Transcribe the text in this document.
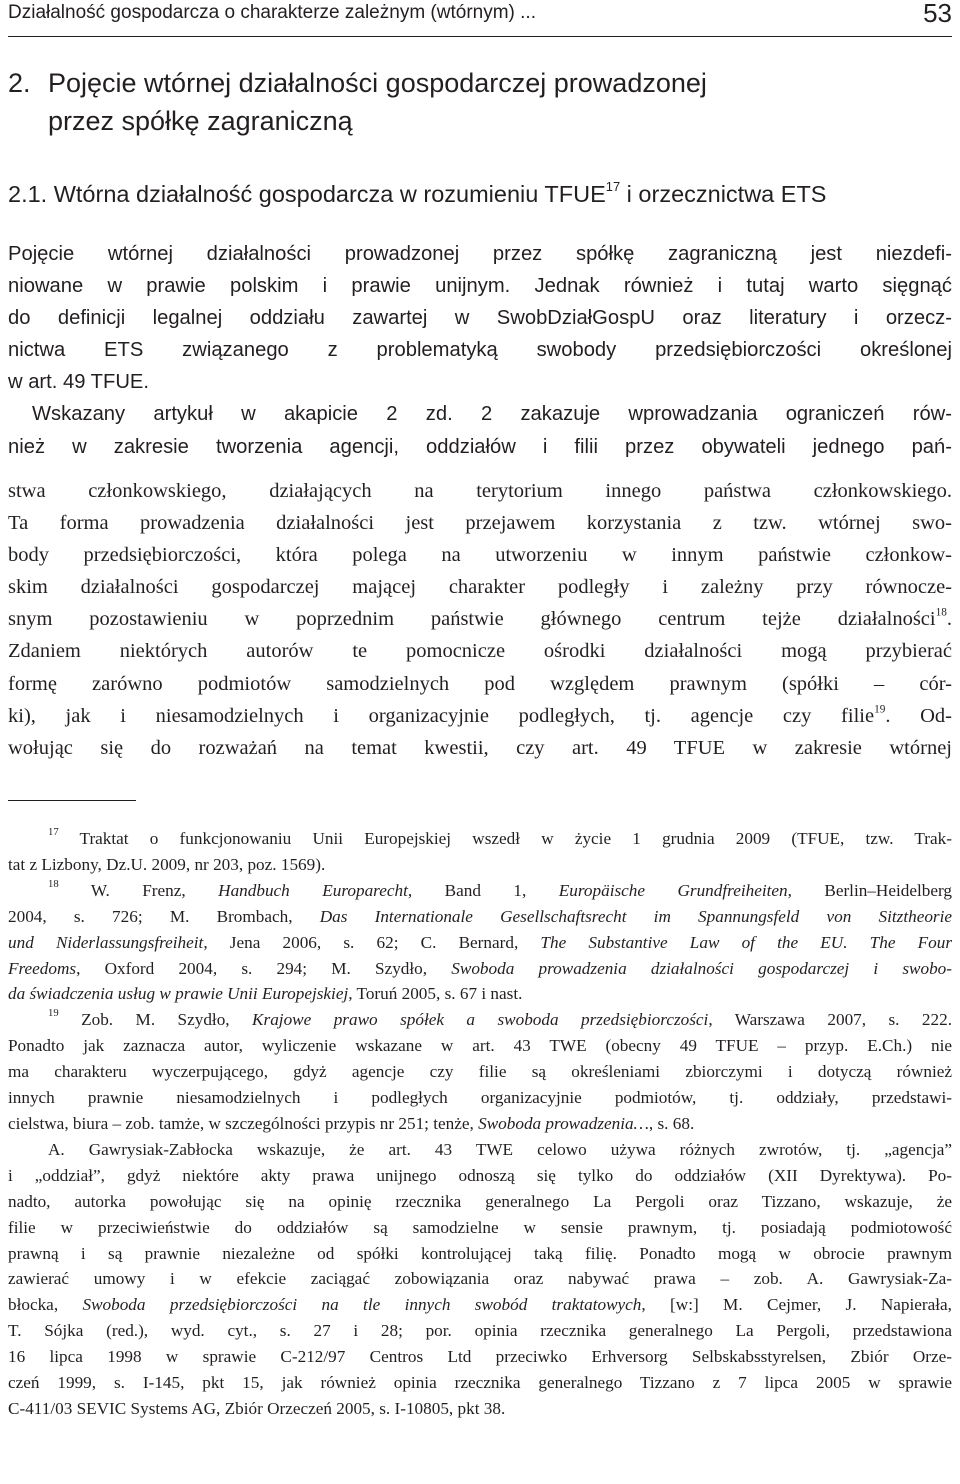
Działalność gospodarcza o charakterze zależnym (wtórnym) ...	53
2. Pojęcie wtórnej działalności gospodarczej prowadzonej
przez spółkę zagraniczną
2.1. Wtórna działalność gospodarcza w rozumieniu TFUE$^{17}$ i orzecznictwa ETS
Pojęcie wtórnej działalności prowadzonej przez spółkę zagraniczną jest niezdefi-
niowane w prawie polskim i prawie unijnym. Jednak również i tutaj warto sięgnąć
do definicji legalnej oddziału zawartej w SwobDziałGospU oraz literatury i orzecz-
nictwa ETS związanego z problematyką swobody przedsiębiorczości określonej
w art. 49 TFUE.
Wskazany artykuł w akapicie 2 zd. 2 zakazuje wprowadzania ograniczeń rów-
nież w zakresie tworzenia agencji, oddziałów i filii przez obywateli jednego pań-
stwa członkowskiego, działających na terytorium innego państwa członkowskiego.
Ta forma prowadzenia działalności jest przejawem korzystania z tzw. wtórnej swo-
body przedsiębiorczości, która polega na utworzeniu w innym państwie członkow-
skim działalności gospodarczej mającej charakter podległy i zależny przy równocze-
snym pozostawieniu w poprzednim państwie głównego centrum tejże działalności$^{18}$.
Zdaniem niektórych autorów te pomocnicze ośrodki działalności mogą przybierać
formę zarówno podmiotów samodzielnych pod względem prawnym (spółki – cór-
ki), jak i niesamodzielnych i organizacyjnie podległych, tj. agencje czy filie$^{19}$. Od-
wołując się do rozważań na temat kwestii, czy art. 49 TFUE w zakresie wtórnej
$^{17}$ Traktat o funkcjonowaniu Unii Europejskiej wszedł w życie 1 grudnia 2009 (TFUE, tzw. Trak-
tat z Lizbony, Dz.U. 2009, nr 203, poz. 1569).
$^{18}$ W. Frenz, Handbuch Europarecht, Band 1, Europäische Grundfreiheiten, Berlin–Heidelberg
2004, s. 726; M. Brombach, Das Internationale Gesellschaftsrecht im Spannungsfeld von Sitztheorie
und Niderlassungsfreiheit, Jena 2006, s. 62; C. Bernard, The Substantive Law of the EU. The Four
Freedoms, Oxford 2004, s. 294; M. Szydło, Swoboda prowadzenia działalności gospodarczej i swobo-
da świadczenia usług w prawie Unii Europejskiej, Toruń 2005, s. 67 i nast.
$^{19}$ Zob. M. Szydło, Krajowe prawo spółek a swoboda przedsiębiorczości, Warszawa 2007, s. 222.
Ponadto jak zaznacza autor, wyliczenie wskazane w art. 43 TWE (obecny 49 TFUE – przyp. E.Ch.) nie
ma charakteru wyczerpującego, gdyż agencje czy filie są określeniami zbiorczymi i dotyczą również
innych prawnie niesamodzielnych i podległych organizacyjnie podmiotów, tj. oddziały, przedstawi-
cielstwa, biura – zob. tamże, w szczególności przypis nr 251; tenże, Swoboda prowadzenia…, s. 68.
A. Gawrysiak-Zabłocka wskazuje, że art. 43 TWE celowo używa różnych zwrotów, tj. „agencja”
i „oddział”, gdyż niektóre akty prawa unijnego odnoszą się tylko do oddziałów (XII Dyrektywa). Po-
nadto, autorka powołując się na opinię rzecznika generalnego La Pergoli oraz Tizzano, wskazuje, że
filie w przeciwieństwie do oddziałów są samodzielne w sensie prawnym, tj. posiadają podmiotowość
prawną i są prawnie niezależne od spółki kontrolującej taką filię. Ponadto mogą w obrocie prawnym
zawierać umowy i w efekcie zaciągać zobowiązania oraz nabywać prawa – zob. A. Gawrysiak-Za-
błocka, Swoboda przedsiębiorczości na tle innych swobód traktatowych, [w:] M. Cejmer, J. Napierała,
T. Sójka (red.), wyd. cyt., s. 27 i 28; por. opinia rzecznika generalnego La Pergoli, przedstawiona
16 lipca 1998 w sprawie C-212/97 Centros Ltd przeciwko Erhversorg Selbskabsstyrelsen, Zbiór Orze-
czeń 1999, s. I-145, pkt 15, jak również opinia rzecznika generalnego Tizzano z 7 lipca 2005 w sprawie
C-411/03 SEVIC Systems AG, Zbiór Orzeczeń 2005, s. I-10805, pkt 38.
